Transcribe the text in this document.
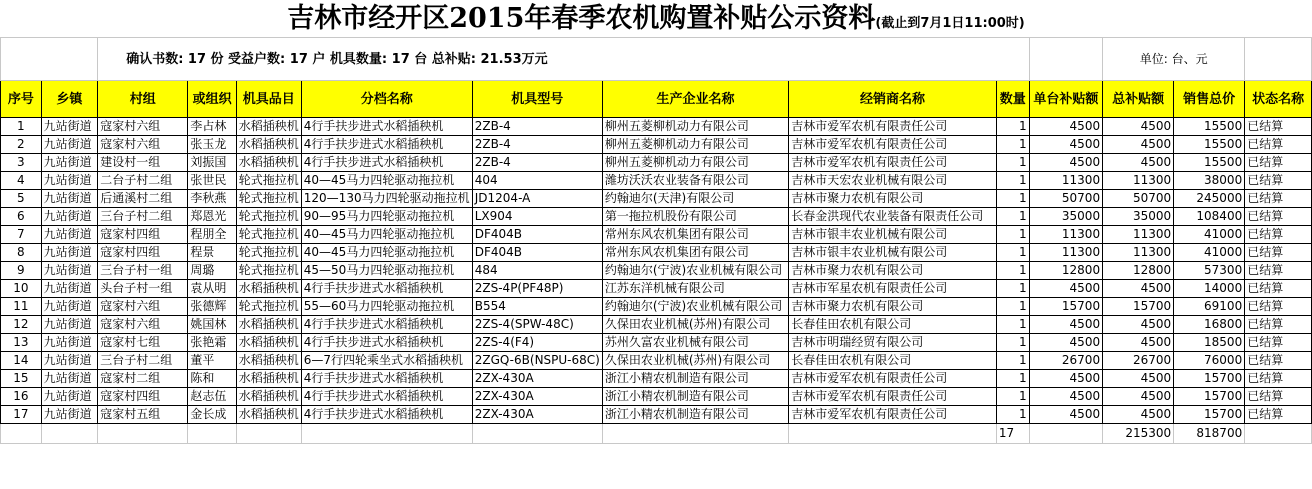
吉林市经开区2015年春季农机购置补贴公示资料(截止到7月1日11:00时)
		确认书数: 17 份 受益户数: 17 户 机具数量: 17 台 总补贴: 21.53万元									单位: 台、元		
序号	乡镇	村组	或组织	机具品目	分档名称	机具型号	生产企业名称	经销商名称	数量	单台补贴额	总补贴额	销售总价	状态名称
1	九站街道	寇家村六组	李占林	水稻插秧机	4行手扶步进式水稻插秧机	2ZB-4	柳州五菱柳机动力有限公司	吉林市爱军农机有限责任公司	1	4500	4500	15500	已结算
2	九站街道	寇家村六组	张玉龙	水稻插秧机	4行手扶步进式水稻插秧机	2ZB-4	柳州五菱柳机动力有限公司	吉林市爱军农机有限责任公司	1	4500	4500	15500	已结算
3	九站街道	建设村一组	刘振国	水稻插秧机	4行手扶步进式水稻插秧机	2ZB-4	柳州五菱柳机动力有限公司	吉林市爱军农机有限责任公司	1	4500	4500	15500	已结算
4	九站街道	二台子村二组	张世民	轮式拖拉机	40—45马力四轮驱动拖拉机	404	潍坊沃沃农业装备有限公司	吉林市天宏农业机械有限公司	1	11300	11300	38000	已结算
5	九站街道	后通溪村二组	李秋燕	轮式拖拉机	120—130马力四轮驱动拖拉机	JD1204-A	约翰迪尔(天津)有限公司	吉林市聚力农机有限公司	1	50700	50700	245000	已结算
6	九站街道	三台子村二组	郑恩光	轮式拖拉机	90—95马力四轮驱动拖拉机	LX904	第一拖拉机股份有限公司	长春金洪现代农业装备有限责任公司	1	35000	35000	108400	已结算
7	九站街道	寇家村四组	程朋全	轮式拖拉机	40—45马力四轮驱动拖拉机	DF404B	常州东风农机集团有限公司	吉林市银丰农业机械有限公司	1	11300	11300	41000	已结算
8	九站街道	寇家村四组	程景	轮式拖拉机	40—45马力四轮驱动拖拉机	DF404B	常州东风农机集团有限公司	吉林市银丰农业机械有限公司	1	11300	11300	41000	已结算
9	九站街道	三台子村一组	周璐	轮式拖拉机	45—50马力四轮驱动拖拉机	484	约翰迪尔(宁波)农业机械有限公司	吉林市聚力农机有限公司	1	12800	12800	57300	已结算
10	九站街道	头台子村一组	袁从明	水稻插秧机	4行手扶步进式水稻插秧机	2ZS-4P(PF48P)	江苏东洋机械有限公司	吉林市军星农机有限责任公司	1	4500	4500	14000	已结算
11	九站街道	寇家村六组	张德辉	轮式拖拉机	55—60马力四轮驱动拖拉机	B554	约翰迪尔(宁波)农业机械有限公司	吉林市聚力农机有限公司	1	15700	15700	69100	已结算
12	九站街道	寇家村六组	姚国林	水稻插秧机	4行手扶步进式水稻插秧机	2ZS-4(SPW-48C)	久保田农业机械(苏州)有限公司	长春佳田农机有限公司	1	4500	4500	16800	已结算
13	九站街道	寇家村七组	张艳霜	水稻插秧机	4行手扶步进式水稻插秧机	2ZS-4(F4)	苏州久富农业机械有限公司	吉林市明瑞经贸有限公司	1	4500	4500	18500	已结算
14	九站街道	三台子村二组	董平	水稻插秧机	6—7行四轮乘坐式水稻插秧机	2ZGQ-6B(NSPU-68C)	久保田农业机械(苏州)有限公司	长春佳田农机有限公司	1	26700	26700	76000	已结算
15	九站街道	寇家村二组	陈和	水稻插秧机	4行手扶步进式水稻插秧机	2ZX-430A	浙江小精农机制造有限公司	吉林市爱军农机有限责任公司	1	4500	4500	15700	已结算
16	九站街道	寇家村四组	赵志伍	水稻插秧机	4行手扶步进式水稻插秧机	2ZX-430A	浙江小精农机制造有限公司	吉林市爱军农机有限责任公司	1	4500	4500	15700	已结算
17	九站街道	寇家村五组	金长成	水稻插秧机	4行手扶步进式水稻插秧机	2ZX-430A	浙江小精农机制造有限公司	吉林市爱军农机有限责任公司	1	4500	4500	15700	已结算
									17		215300	818700	
